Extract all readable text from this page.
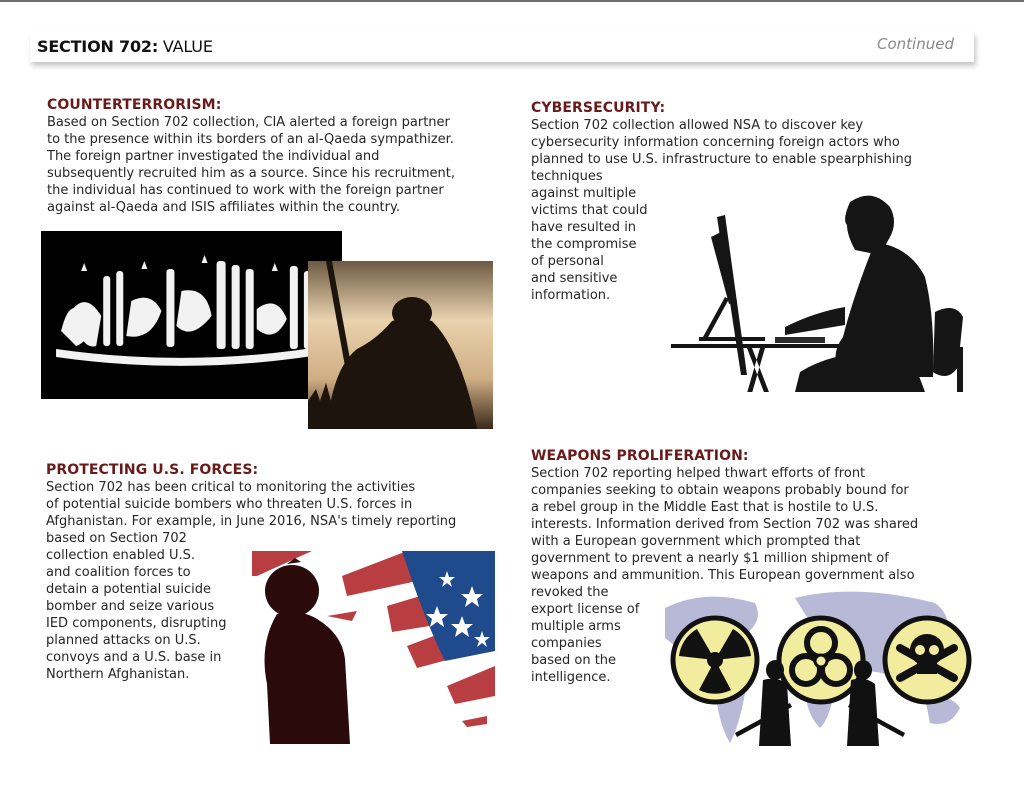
SECTION 702: VALUE	Continued
COUNTERTERRORISM:

Based on Section 702 collection, CIA alerted a foreign partner
to the presence within its borders of an al-Qaeda sympathizer.
The foreign partner investigated the individual and
subsequently recruited him as a source. Since his recruitment,
the individual has continued to work with the foreign partner
against al-Qaeda and ISIS affiliates within the country.

CYBERSECURITY:

Section 702 collection allowed NSA to discover key
cybersecurity information concerning foreign actors who
planned to use U.S. infrastructure to enable spearphishing
techniques
against multiple
victims that could
have resulted in
the compromise
of personal
and sensitive
information.

PROTECTING U.S. FORCES:

Section 702 has been critical to monitoring the activities
of potential suicide bombers who threaten U.S. forces in
Afghanistan. For example, in June 2016, NSA's timely reporting
based on Section 702
collection enabled U.S.
and coalition forces to
detain a potential suicide
bomber and seize various
IED components, disrupting
planned attacks on U.S.
convoys and a U.S. base in
Northern Afghanistan.

WEAPONS PROLIFERATION:

Section 702 reporting helped thwart efforts of front
companies seeking to obtain weapons probably bound for
a rebel group in the Middle East that is hostile to U.S.
interests. Information derived from Section 702 was shared
with a European government which prompted that
government to prevent a nearly $1 million shipment of
weapons and ammunition. This European government also
revoked the
export license of
multiple arms
companies
based on the
intelligence.
